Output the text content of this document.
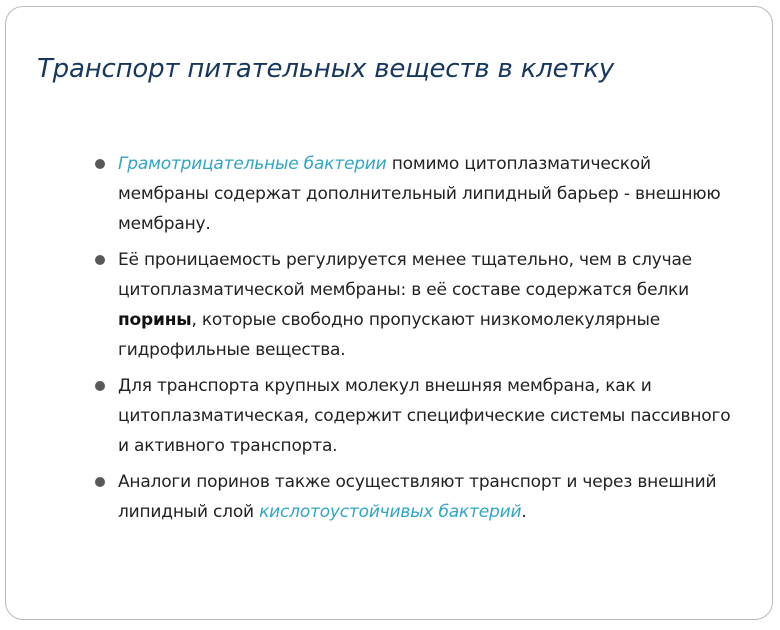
Транспорт питательных веществ в клетку
Грамотрицательные бактерии помимо цитоплазматической мембраны содержат дополнительный липидный барьер - внешнюю мембрану.
Её проницаемость регулируется менее тщательно, чем в случае цитоплазматической мембраны: в её составе содержатся белки порины, которые свободно пропускают низкомолекулярные гидрофильные вещества.
Для транспорта крупных молекул внешняя мембрана, как и цитоплазматическая, содержит специфические системы пассивного и активного транспорта.
Аналоги поринов также осуществляют транспорт и через внешний липидный слой кислотоустойчивых бактерий.
